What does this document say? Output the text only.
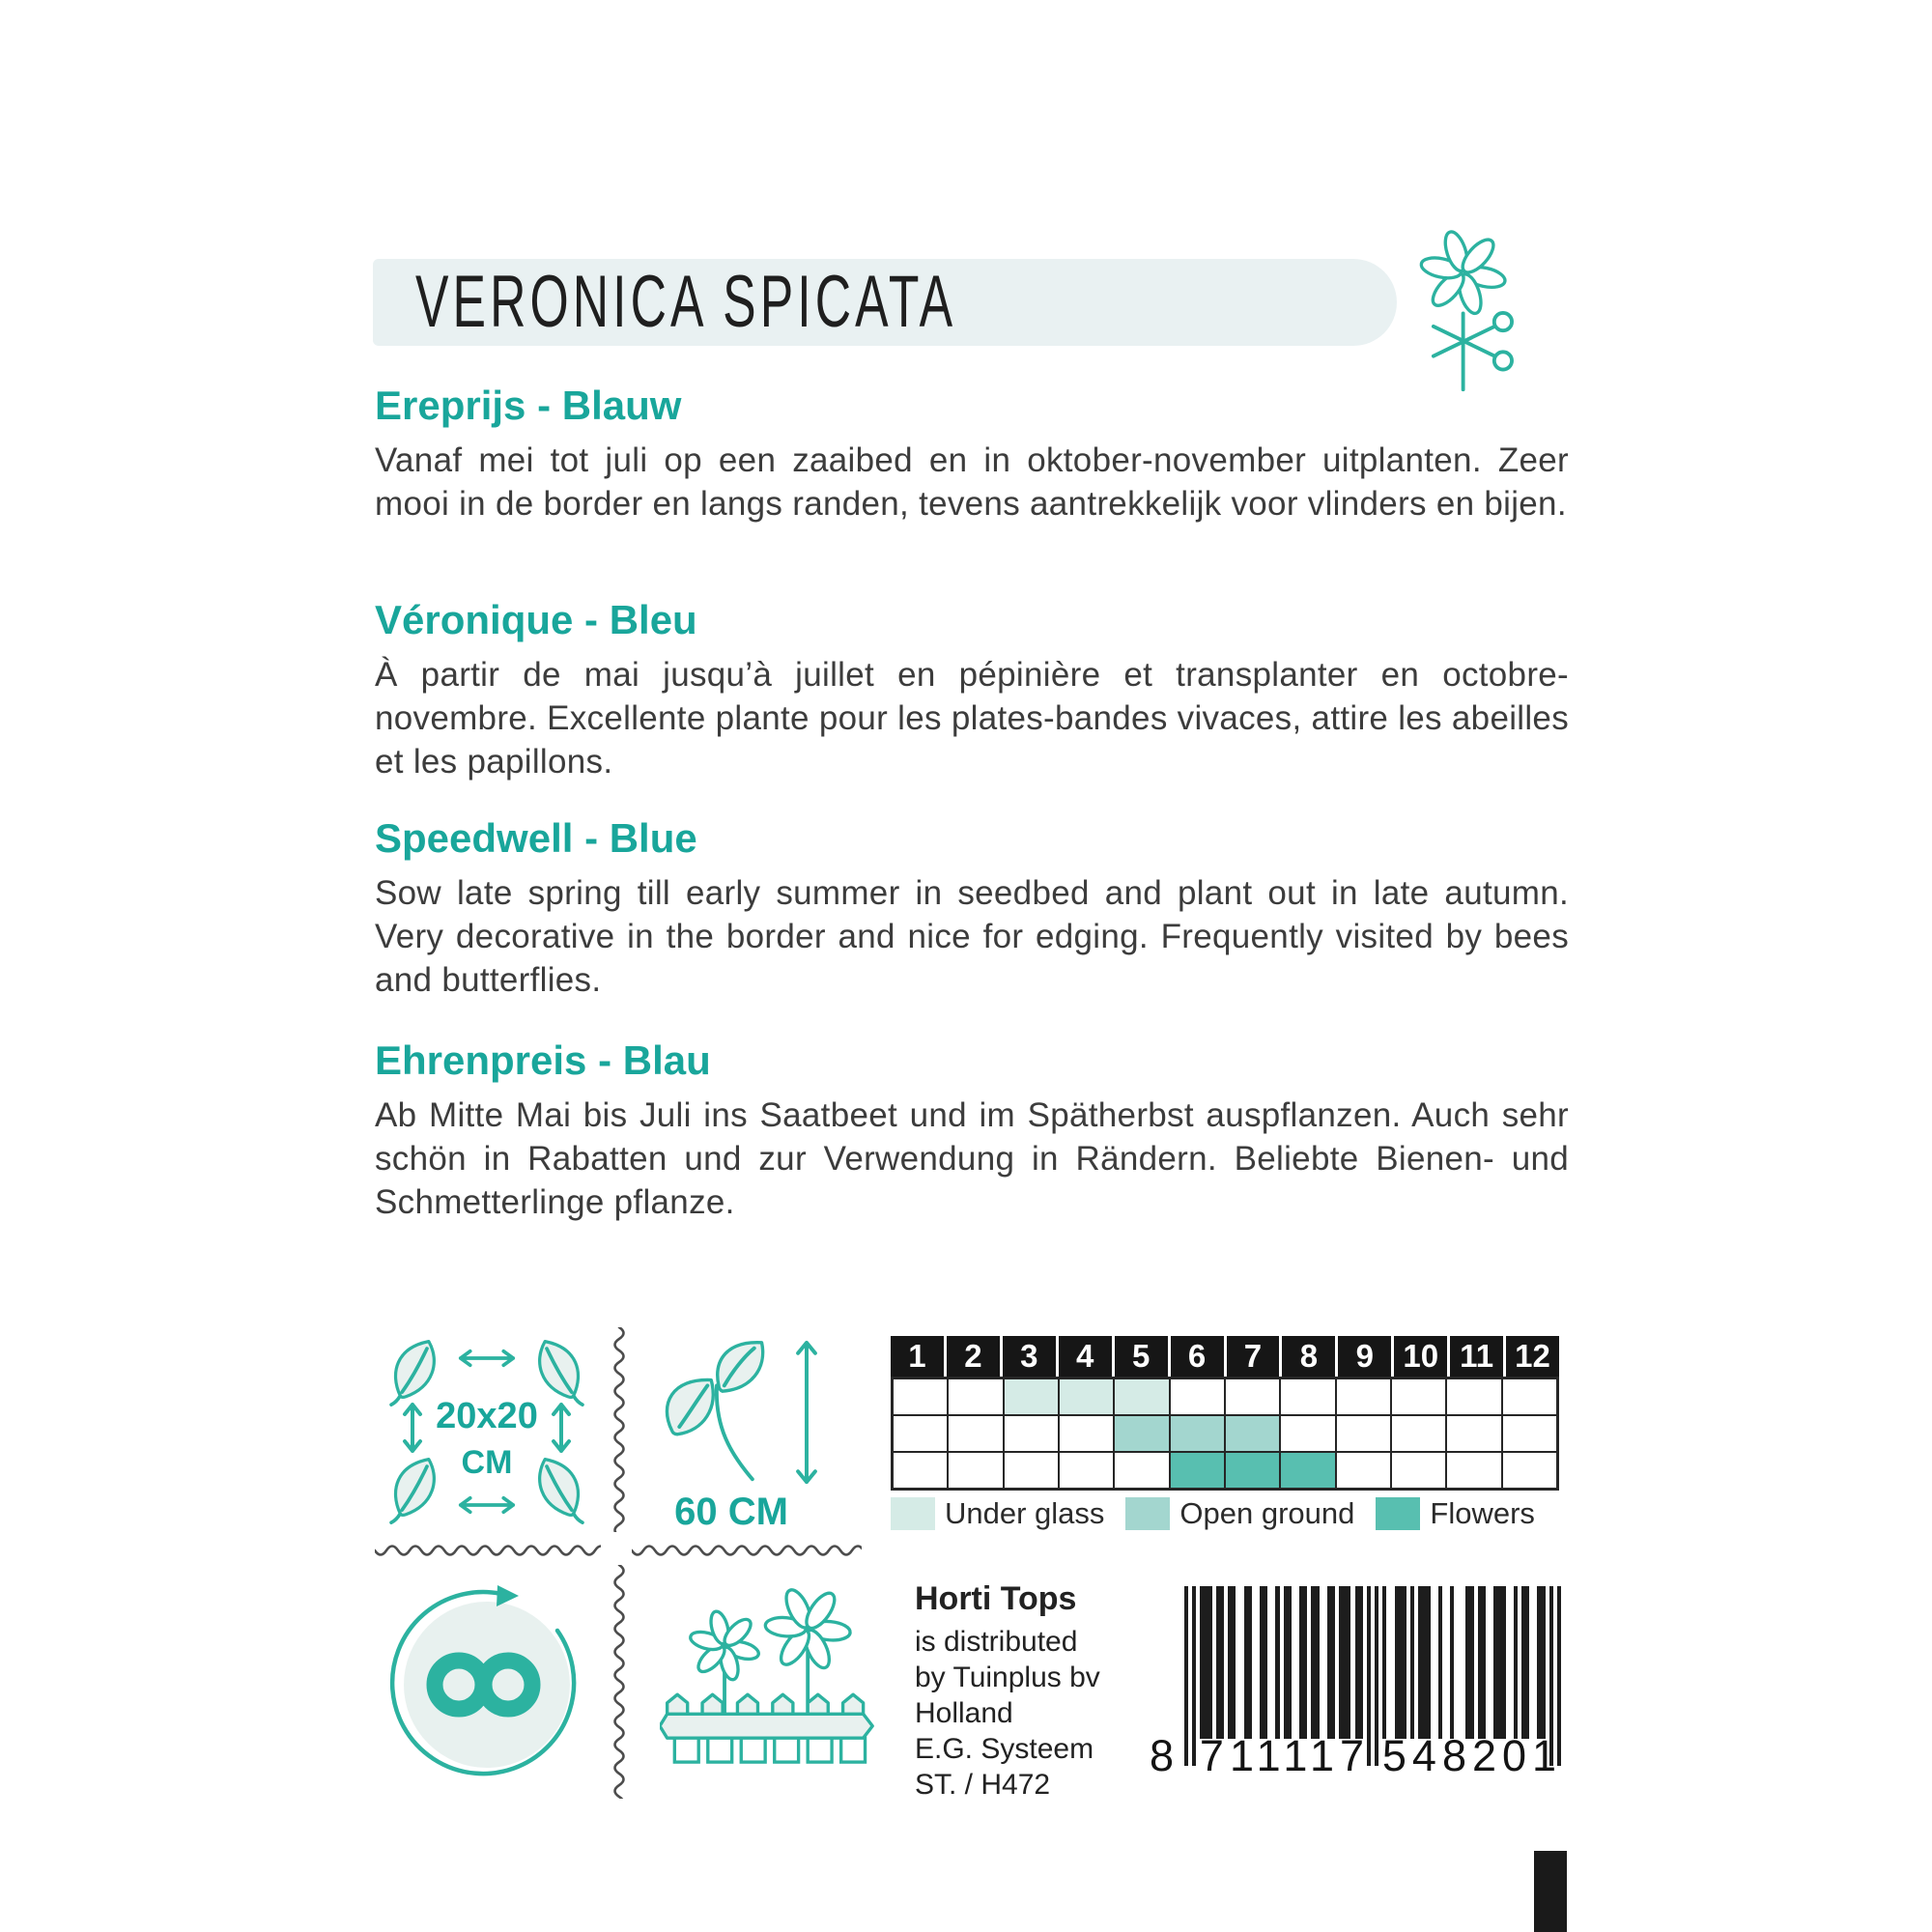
VERONICA SPICATA
Ereprijs - Blauw

Vanaf mei tot juli op een zaaibed en in oktober-november uitplanten. Zeer mooi in de border en langs randen, tevens aantrekkelijk voor vlinders en bijen.

Véronique - Bleu

À partir de mai jusqu’à juillet en pépinière et transplanter en octobre-novembre. Excellente plante pour les plates-bandes vivaces, attire les abeilles et les papillons.

Speedwell - Blue

Sow late spring till early summer in seedbed and plant out in late autumn. Very decorative in the border and nice for edging. Frequently visited by bees and butterflies.

Ehrenpreis - Blau

Ab Mitte Mai bis Juli ins Saatbeet und im Spätherbst auspflanzen. Auch sehr schön in Rabatten und zur Verwendung in Rändern. Beliebte Bienen- und Schmetterlinge pflanze.

20x20
CM
60 CM
1	2	3	4	5	6	7	8	9 10 11 12
Under glass	Open ground	Flowers
Horti Tops
is distributed
by Tuinplus bv
Holland
E.G. Systeem
ST. / H472
8 711117 548201
